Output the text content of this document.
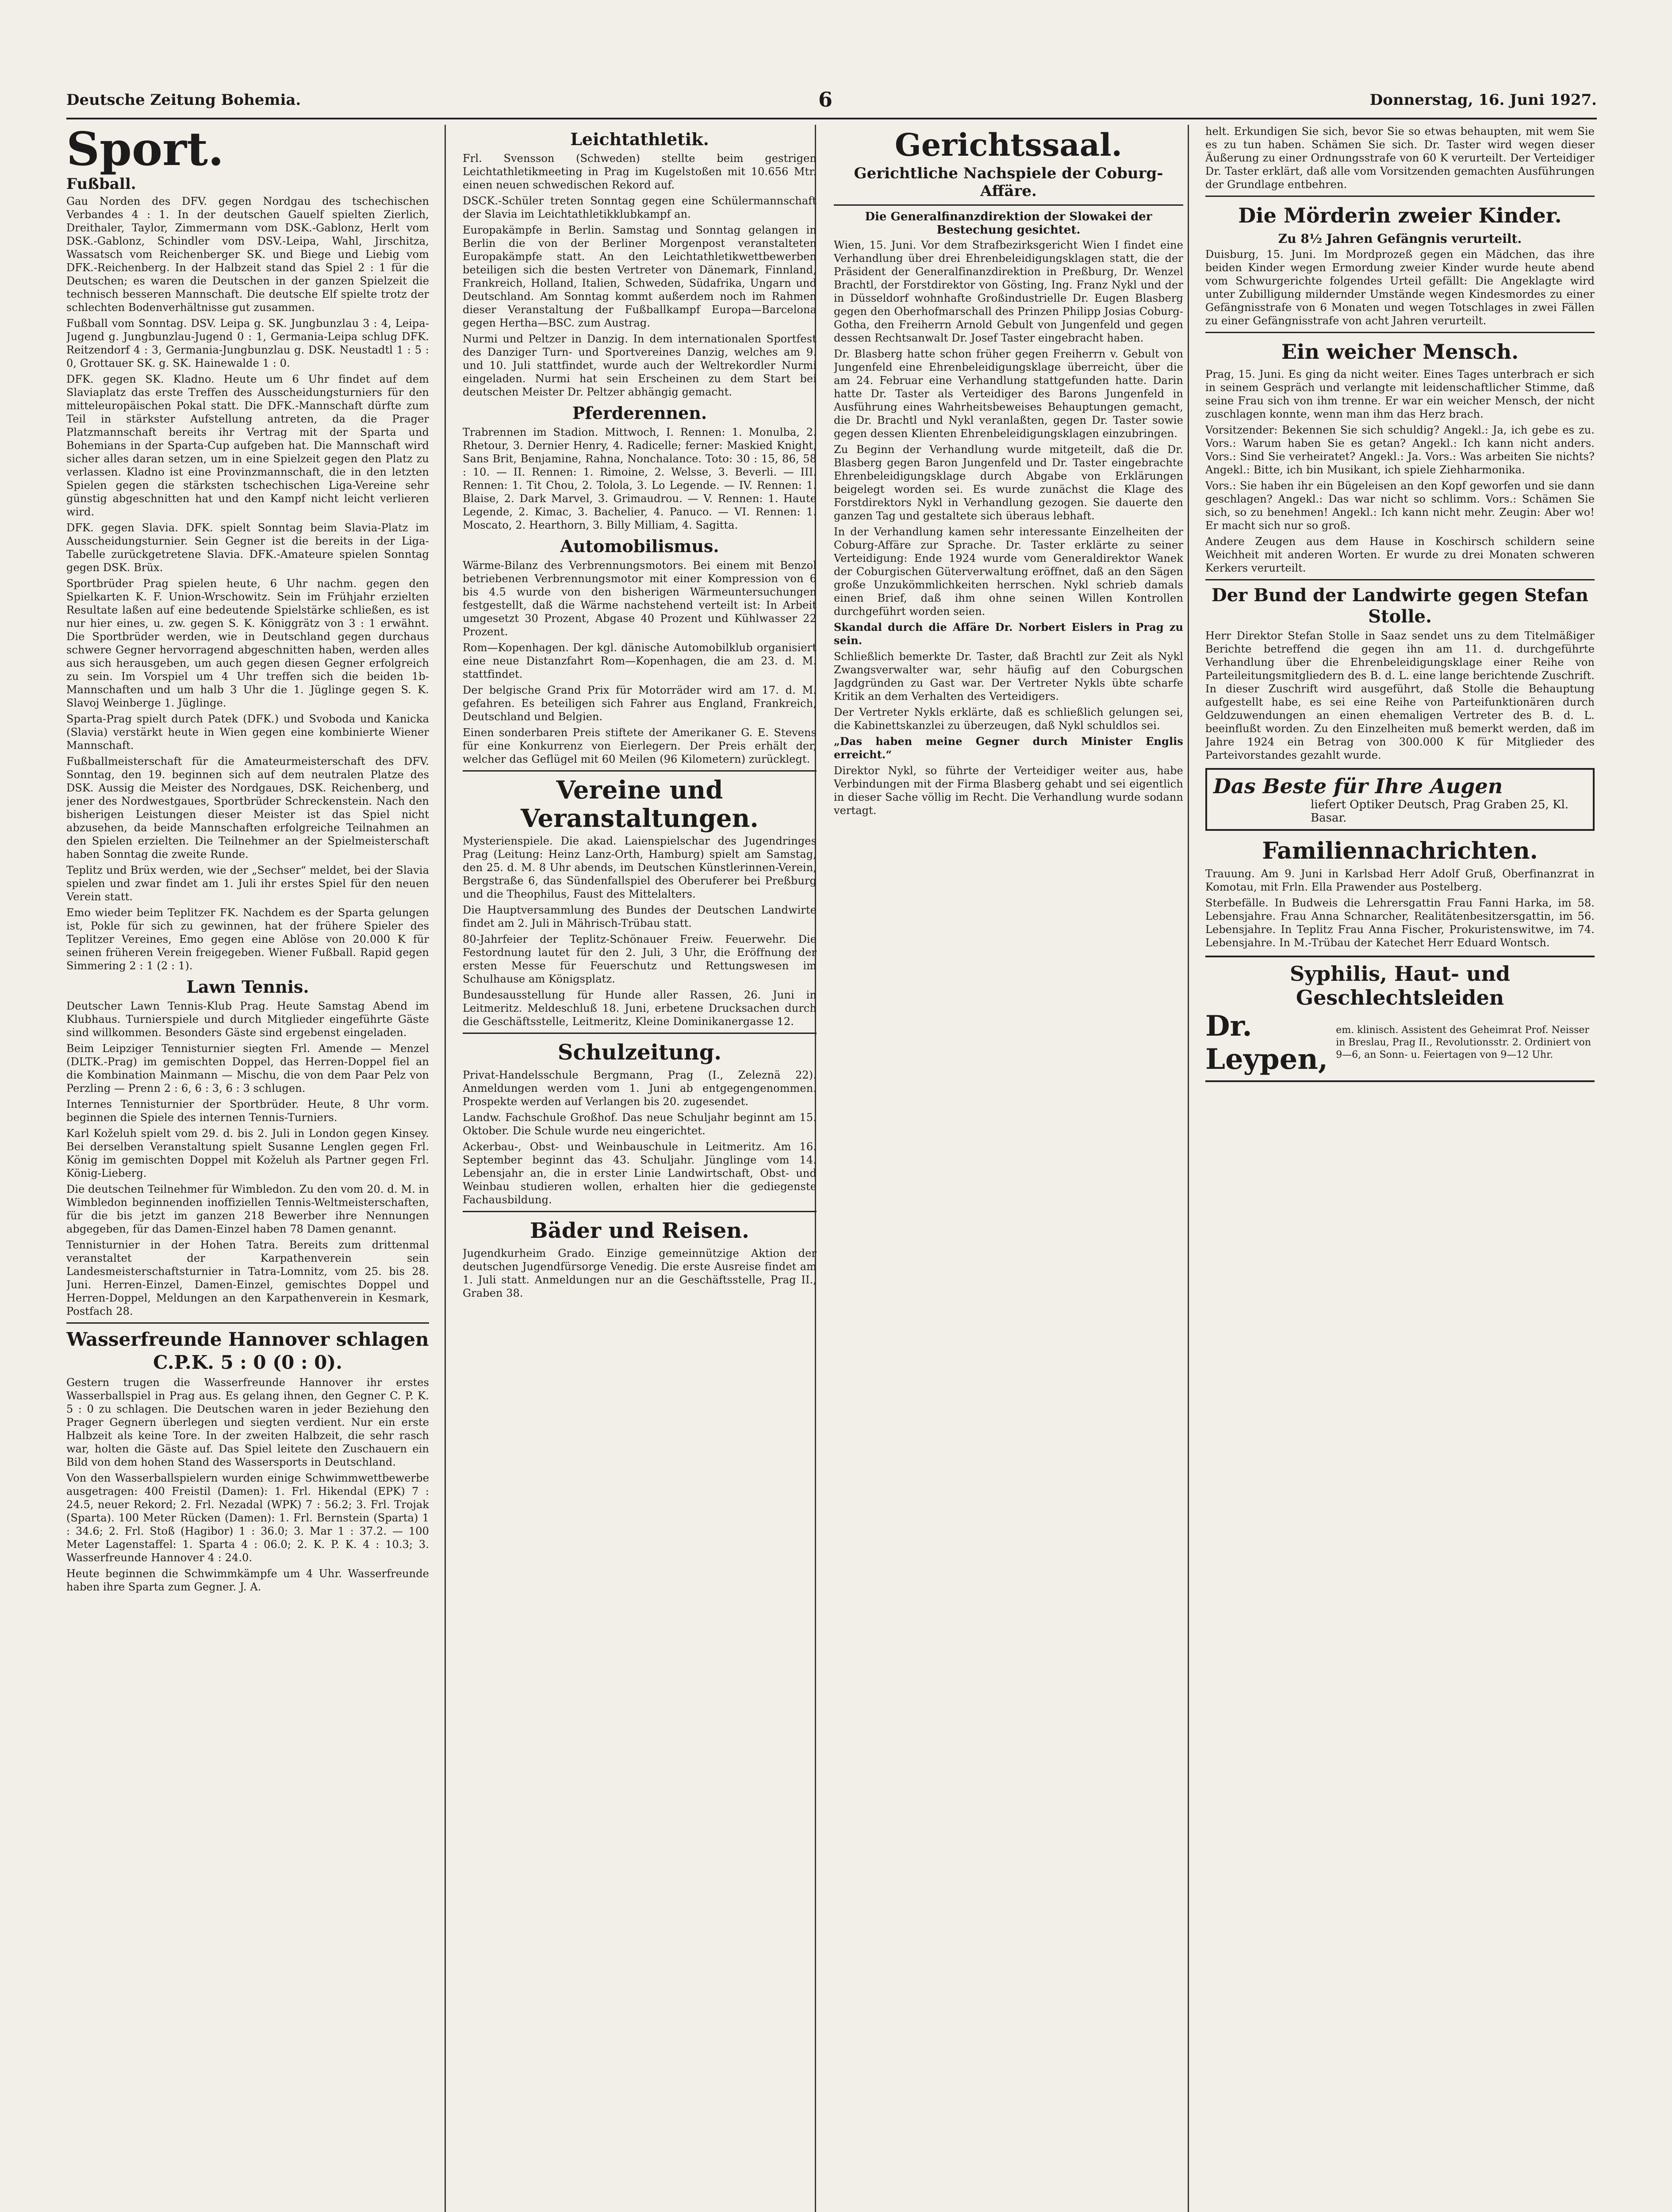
Deutsche Zeitung Bohemia.	6	Donnerstag, 16. Juni 1927.
Sport.
Fußball.

Gau Norden des DFV. gegen Nordgau des tschechischen Verbandes 4 : 1. In der deutschen Gauelf spielten Zierlich, Dreithaler, Taylor, Zimmermann vom DSK.-Gablonz, Herlt vom DSK.-Gablonz, Schindler vom DSV.-Leipa, Wahl, Jirschitza, Wassatsch vom Reichenberger SK. und Biege und Liebig vom DFK.-Reichenberg. In der Halbzeit stand das Spiel 2 : 1 für die Deutschen; es waren die Deutschen in der ganzen Spielzeit die technisch besseren Mannschaft. Die deutsche Elf spielte trotz der schlechten Bodenverhältnisse gut zusammen.

Fußball vom Sonntag. DSV. Leipa g. SK. Jungbunzlau 3 : 4, Leipa-Jugend g. Jungbunzlau-Jugend 0 : 1, Germania-Leipa schlug DFK. Reitzendorf 4 : 3, Germania-Jungbunzlau g. DSK. Neustadtl 1 : 5 : 0, Grottauer SK. g. SK. Hainewalde 1 : 0.

DFK. gegen SK. Kladno. Heute um 6 Uhr findet auf dem Slaviaplatz das erste Treffen des Ausscheidungsturniers für den mitteleuropäischen Pokal statt. Die DFK.-Mannschaft dürfte zum Teil in stärkster Aufstellung antreten, da die Prager Platzmannschaft bereits ihr Vertrag mit der Sparta und Bohemians in der Sparta-Cup aufgeben hat. Die Mannschaft wird sicher alles daran setzen, um in eine Spielzeit gegen den Platz zu verlassen. Kladno ist eine Provinzmannschaft, die in den letzten Spielen gegen die stärksten tschechischen Liga-Vereine sehr günstig abgeschnitten hat und den Kampf nicht leicht verlieren wird.

DFK. gegen Slavia. DFK. spielt Sonntag beim Slavia-Platz im Ausscheidungsturnier. Sein Gegner ist die bereits in der Liga-Tabelle zurückgetretene Slavia. DFK.-Amateure spielen Sonntag gegen DSK. Brüx.

Sportbrüder Prag spielen heute, 6 Uhr nachm. gegen den Spielkarten K. F. Union-Wrschowitz. Sein im Frühjahr erzielten Resultate laßen auf eine bedeutende Spielstärke schließen, es ist nur hier eines, u. zw. gegen S. K. Königgrätz von 3 : 1 erwähnt. Die Sportbrüder werden, wie in Deutschland gegen durchaus schwere Gegner hervorragend abgeschnitten haben, werden alles aus sich herausgeben, um auch gegen diesen Gegner erfolgreich zu sein. Im Vorspiel um 4 Uhr treffen sich die beiden 1b-Mannschaften und um halb 3 Uhr die 1. Jüglinge gegen S. K. Slavoj Weinberge 1. Jüglinge.

Sparta-Prag spielt durch Patek (DFK.) und Svoboda und Kanicka (Slavia) verstärkt heute in Wien gegen eine kombinierte Wiener Mannschaft.

Fußballmeisterschaft für die Amateurmeisterschaft des DFV. Sonntag, den 19. beginnen sich auf dem neutralen Platze des DSK. Aussig die Meister des Nordgaues, DSK. Reichenberg, und jener des Nordwestgaues, Sportbrüder Schreckenstein. Nach den bisherigen Leistungen dieser Meister ist das Spiel nicht abzusehen, da beide Mannschaften erfolgreiche Teilnahmen an den Spielen erzielten. Die Teilnehmer an der Spielmeisterschaft haben Sonntag die zweite Runde.

Teplitz und Brüx werden, wie der „Sechser“ meldet, bei der Slavia spielen und zwar findet am 1. Juli ihr erstes Spiel für den neuen Verein statt.

Emo wieder beim Teplitzer FK. Nachdem es der Sparta gelungen ist, Pokle für sich zu gewinnen, hat der frühere Spieler des Teplitzer Vereines, Emo gegen eine Ablöse von 20.000 K für seinen früheren Verein freigegeben. Wiener Fußball. Rapid gegen Simmering 2 : 1 (2 : 1).

Lawn Tennis.

Deutscher Lawn Tennis-Klub Prag. Heute Samstag Abend im Klubhaus. Turnierspiele und durch Mitglieder eingeführte Gäste sind willkommen. Besonders Gäste sind ergebenst eingeladen.

Beim Leipziger Tennisturnier siegten Frl. Amende — Menzel (DLTK.-Prag) im gemischten Doppel, das Herren-Doppel fiel an die Kombination Mainmann — Mischu, die von dem Paar Pelz von Perzling — Prenn 2 : 6, 6 : 3, 6 : 3 schlugen.

Internes Tennisturnier der Sportbrüder. Heute, 8 Uhr vorm. beginnen die Spiele des internen Tennis-Turniers.

Karl Koželuh spielt vom 29. d. bis 2. Juli in London gegen Kinsey. Bei derselben Veranstaltung spielt Susanne Lenglen gegen Frl. König im gemischten Doppel mit Koželuh als Partner gegen Frl. König-Lieberg.

Die deutschen Teilnehmer für Wimbledon. Zu den vom 20. d. M. in Wimbledon beginnenden inoffiziellen Tennis-Weltmeisterschaften, für die bis jetzt im ganzen 218 Bewerber ihre Nennungen abgegeben, für das Damen-Einzel haben 78 Damen genannt.

Tennisturnier in der Hohen Tatra. Bereits zum drittenmal veranstaltet der Karpathenverein sein Landesmeisterschaftsturnier in Tatra-Lomnitz, vom 25. bis 28. Juni. Herren-Einzel, Damen-Einzel, gemischtes Doppel und Herren-Doppel, Meldungen an den Karpathenverein in Kesmark, Postfach 28.

Wasserfreunde Hannover schlagen C.P.K. 5 : 0 (0 : 0).

Gestern trugen die Wasserfreunde Hannover ihr erstes Wasserballspiel in Prag aus. Es gelang ihnen, den Gegner C. P. K. 5 : 0 zu schlagen. Die Deutschen waren in jeder Beziehung den Prager Gegnern überlegen und siegten verdient. Nur ein erste Halbzeit als keine Tore. In der zweiten Halbzeit, die sehr rasch war, holten die Gäste auf. Das Spiel leitete den Zuschauern ein Bild von dem hohen Stand des Wassersports in Deutschland.

Von den Wasserballspielern wurden einige Schwimmwettbewerbe ausgetragen: 400 Freistil (Damen): 1. Frl. Hikendal (EPK) 7 : 24.5, neuer Rekord; 2. Frl. Nezadal (WPK) 7 : 56.2; 3. Frl. Trojak (Sparta). 100 Meter Rücken (Damen): 1. Frl. Bernstein (Sparta) 1 : 34.6; 2. Frl. Stoß (Hagibor) 1 : 36.0; 3. Mar 1 : 37.2. — 100 Meter Lagenstaffel: 1. Sparta 4 : 06.0; 2. K. P. K. 4 : 10.3; 3. Wasserfreunde Hannover 4 : 24.0.

Heute beginnen die Schwimmkämpfe um 4 Uhr. Wasserfreunde haben ihre Sparta zum Gegner. J. A.

Leichtathletik.

Frl. Svensson (Schweden) stellte beim gestrigen Leichtathletikmeeting in Prag im Kugelstoßen mit 10.656 Mtr. einen neuen schwedischen Rekord auf.

DSCK.-Schüler treten Sonntag gegen eine Schülermannschaft der Slavia im Leichtathletikklubkampf an.

Europakämpfe in Berlin. Samstag und Sonntag gelangen in Berlin die von der Berliner Morgenpost veranstalteten Europakämpfe statt. An den Leichtathletikwettbewerben beteiligen sich die besten Vertreter von Dänemark, Finnland, Frankreich, Holland, Italien, Schweden, Südafrika, Ungarn und Deutschland. Am Sonntag kommt außerdem noch im Rahmen dieser Veranstaltung der Fußballkampf Europa—Barcelona gegen Hertha—BSC. zum Austrag.

Nurmi und Peltzer in Danzig. In dem internationalen Sportfest des Danziger Turn- und Sportvereines Danzig, welches am 9. und 10. Juli stattfindet, wurde auch der Weltrekordler Nurmi eingeladen. Nurmi hat sein Erscheinen zu dem Start bei deutschen Meister Dr. Peltzer abhängig gemacht.

Pferderennen.

Trabrennen im Stadion. Mittwoch, I. Rennen: 1. Monulba, 2. Rhetour, 3. Dernier Henry, 4. Radicelle; ferner: Maskied Knight, Sans Brit, Benjamine, Rahna, Nonchalance. Toto: 30 : 15, 86, 58 : 10. — II. Rennen: 1. Rimoine, 2. Welsse, 3. Beverli. — III. Rennen: 1. Tit Chou, 2. Tolola, 3. Lo Legende. — IV. Rennen: 1. Blaise, 2. Dark Marvel, 3. Grimaudrou. — V. Rennen: 1. Haute Legende, 2. Kimac, 3. Bachelier, 4. Panuco. — VI. Rennen: 1. Moscato, 2. Hearthorn, 3. Billy Milliam, 4. Sagitta.

Automobilismus.

Wärme-Bilanz des Verbrennungsmotors. Bei einem mit Benzol betriebenen Verbrennungsmotor mit einer Kompression von 6 bis 4.5 wurde von den bisherigen Wärmeuntersuchungen festgestellt, daß die Wärme nachstehend verteilt ist: In Arbeit umgesetzt 30 Prozent, Abgase 40 Prozent und Kühlwasser 22 Prozent.

Rom—Kopenhagen. Der kgl. dänische Automobilklub organisiert eine neue Distanzfahrt Rom—Kopenhagen, die am 23. d. M. stattfindet.

Der belgische Grand Prix für Motorräder wird am 17. d. M. gefahren. Es beteiligen sich Fahrer aus England, Frankreich, Deutschland und Belgien.

Einen sonderbaren Preis stiftete der Amerikaner G. E. Stevens für eine Konkurrenz von Eierlegern. Der Preis erhält der, welcher das Geflügel mit 60 Meilen (96 Kilometern) zurücklegt.

Vereine und Veranstaltungen.

Mysterienspiele. Die akad. Laienspielschar des Jugendringes Prag (Leitung: Heinz Lanz-Orth, Hamburg) spielt am Samstag, den 25. d. M. 8 Uhr abends, im Deutschen Künstlerinnen-Verein, Bergstraße 6, das Sündenfallspiel des Oberuferer bei Preßburg und die Theophilus, Faust des Mittelalters.

Die Hauptversammlung des Bundes der Deutschen Landwirte findet am 2. Juli in Mährisch-Trübau statt.

80-Jahrfeier der Teplitz-Schönauer Freiw. Feuerwehr. Die Festordnung lautet für den 2. Juli, 3 Uhr, die Eröffnung der ersten Messe für Feuerschutz und Rettungswesen im Schulhause am Königsplatz.

Bundesausstellung für Hunde aller Rassen, 26. Juni in Leitmeritz. Meldeschluß 18. Juni, erbetene Drucksachen durch die Geschäftsstelle, Leitmeritz, Kleine Dominikanergasse 12.

Schulzeitung.

Privat-Handelsschule Bergmann, Prag (I., Zeleznä 22). Anmeldungen werden vom 1. Juni ab entgegengenommen. Prospekte werden auf Verlangen bis 20. zugesendet.

Landw. Fachschule Großhof. Das neue Schuljahr beginnt am 15. Oktober. Die Schule wurde neu eingerichtet.

Ackerbau-, Obst- und Weinbauschule in Leitmeritz. Am 16. September beginnt das 43. Schuljahr. Jünglinge vom 14. Lebensjahr an, die in erster Linie Landwirtschaft, Obst- und Weinbau studieren wollen, erhalten hier die gediegenste Fachausbildung.

Bäder und Reisen.

Jugendkurheim Grado. Einzige gemeinnützige Aktion der deutschen Jugendfürsorge Venedig. Die erste Ausreise findet am 1. Juli statt. Anmeldungen nur an die Geschäftsstelle, Prag II., Graben 38.

Gerichtssaal.
Gerichtliche Nachspiele der Coburg-Affäre.
Die Generalfinanzdirektion der Slowakei der Bestechung gesichtet.

Wien, 15. Juni. Vor dem Strafbezirksgericht Wien I findet eine Verhandlung über drei Ehrenbeleidigungsklagen statt, die der Präsident der Generalfinanzdirektion in Preßburg, Dr. Wenzel Brachtl, der Forstdirektor von Gösting, Ing. Franz Nykl und der in Düsseldorf wohnhafte Großindustrielle Dr. Eugen Blasberg gegen den Oberhofmarschall des Prinzen Philipp Josias Coburg-Gotha, den Freiherrn Arnold Gebult von Jungenfeld und gegen dessen Rechtsanwalt Dr. Josef Taster eingebracht haben.

Dr. Blasberg hatte schon früher gegen Freiherrn v. Gebult von Jungenfeld eine Ehrenbeleidigungsklage überreicht, über die am 24. Februar eine Verhandlung stattgefunden hatte. Darin hatte Dr. Taster als Verteidiger des Barons Jungenfeld in Ausführung eines Wahrheitsbeweises Behauptungen gemacht, die Dr. Brachtl und Nykl veranlaßten, gegen Dr. Taster sowie gegen dessen Klienten Ehrenbeleidigungsklagen einzubringen.

Zu Beginn der Verhandlung wurde mitgeteilt, daß die Dr. Blasberg gegen Baron Jungenfeld und Dr. Taster eingebrachte Ehrenbeleidigungsklage durch Abgabe von Erklärungen beigelegt worden sei. Es wurde zunächst die Klage des Forstdirektors Nykl in Verhandlung gezogen. Sie dauerte den ganzen Tag und gestaltete sich überaus lebhaft.

In der Verhandlung kamen sehr interessante Einzelheiten der Coburg-Affäre zur Sprache. Dr. Taster erklärte zu seiner Verteidigung: Ende 1924 wurde vom Generaldirektor Wanek der Coburgischen Güterverwaltung eröffnet, daß an den Sägen große Unzukömmlichkeiten herrschen. Nykl schrieb damals einen Brief, daß ihm ohne seinen Willen Kontrollen durchgeführt worden seien.

Skandal durch die Affäre Dr. Norbert Eislers in Prag zu sein.

Schließlich bemerkte Dr. Taster, daß Brachtl zur Zeit als Nykl Zwangsverwalter war, sehr häufig auf den Coburgschen Jagdgründen zu Gast war. Der Vertreter Nykls übte scharfe Kritik an dem Verhalten des Verteidigers.

Der Vertreter Nykls erklärte, daß es schließlich gelungen sei, die Kabinettskanzlei zu überzeugen, daß Nykl schuldlos sei.

„Das haben meine Gegner durch Minister Englis erreicht.“

Direktor Nykl, so führte der Verteidiger weiter aus, habe Verbindungen mit der Firma Blasberg gehabt und sei eigentlich in dieser Sache völlig im Recht. Die Verhandlung wurde sodann vertagt.

helt. Erkundigen Sie sich, bevor Sie so etwas behaupten, mit wem Sie es zu tun haben. Schämen Sie sich. Dr. Taster wird wegen dieser Äußerung zu einer Ordnungsstrafe von 60 K verurteilt. Der Verteidiger Dr. Taster erklärt, daß alle vom Vorsitzenden gemachten Ausführungen der Grundlage entbehren.

Die Mörderin zweier Kinder.
Zu 8½ Jahren Gefängnis verurteilt.

Duisburg, 15. Juni. Im Mordprozeß gegen ein Mädchen, das ihre beiden Kinder wegen Ermordung zweier Kinder wurde heute abend vom Schwurgerichte folgendes Urteil gefällt: Die Angeklagte wird unter Zubilligung mildernder Umstände wegen Kindesmordes zu einer Gefängnisstrafe von 6 Monaten und wegen Totschlages in zwei Fällen zu einer Gefängnisstrafe von acht Jahren verurteilt.

Ein weicher Mensch.

Prag, 15. Juni. Es ging da nicht weiter. Eines Tages unterbrach er sich in seinem Gespräch und verlangte mit leidenschaftlicher Stimme, daß seine Frau sich von ihm trenne. Er war ein weicher Mensch, der nicht zuschlagen konnte, wenn man ihm das Herz brach.

Vorsitzender: Bekennen Sie sich schuldig? Angekl.: Ja, ich gebe es zu. Vors.: Warum haben Sie es getan? Angekl.: Ich kann nicht anders. Vors.: Sind Sie verheiratet? Angekl.: Ja. Vors.: Was arbeiten Sie nichts? Angekl.: Bitte, ich bin Musikant, ich spiele Ziehharmonika.

Vors.: Sie haben ihr ein Bügeleisen an den Kopf geworfen und sie dann geschlagen? Angekl.: Das war nicht so schlimm. Vors.: Schämen Sie sich, so zu benehmen! Angekl.: Ich kann nicht mehr. Zeugin: Aber wo! Er macht sich nur so groß.

Andere Zeugen aus dem Hause in Koschirsch schildern seine Weichheit mit anderen Worten. Er wurde zu drei Monaten schweren Kerkers verurteilt.

Der Bund der Landwirte gegen Stefan Stolle.

Herr Direktor Stefan Stolle in Saaz sendet uns zu dem Titelmäßiger Berichte betreffend die gegen ihn am 11. d. durchgeführte Verhandlung über die Ehrenbeleidigungsklage einer Reihe von Parteileitungsmitgliedern des B. d. L. eine lange berichtende Zuschrift. In dieser Zuschrift wird ausgeführt, daß Stolle die Behauptung aufgestellt habe, es sei eine Reihe von Parteifunktionären durch Geldzuwendungen an einen ehemaligen Vertreter des B. d. L. beeinflußt worden. Zu den Einzelheiten muß bemerkt werden, daß im Jahre 1924 ein Betrag von 300.000 K für Mitglieder des Parteivorstandes gezahlt wurde.

Das Beste für Ihre Augen
liefert Optiker Deutsch, Prag Graben 25, Kl. Basar.
Familiennachrichten.

Trauung. Am 9. Juni in Karlsbad Herr Adolf Gruß, Oberfinanzrat in Komotau, mit Frln. Ella Prawender aus Postelberg.

Sterbefälle. In Budweis die Lehrersgattin Frau Fanni Harka, im 58. Lebensjahre. Frau Anna Schnarcher, Realitätenbesitzersgattin, im 56. Lebensjahre. In Teplitz Frau Anna Fischer, Prokuristenswitwe, im 74. Lebensjahre. In M.-Trübau der Katechet Herr Eduard Wontsch.

Syphilis, Haut- und Geschlechtsleiden
Dr. Leypen,
em. klinisch. Assistent des Geheimrat Prof. Neisser in Breslau, Prag II., Revolutionsstr. 2. Ordiniert von 9—6, an Sonn- u. Feiertagen von 9—12 Uhr.
